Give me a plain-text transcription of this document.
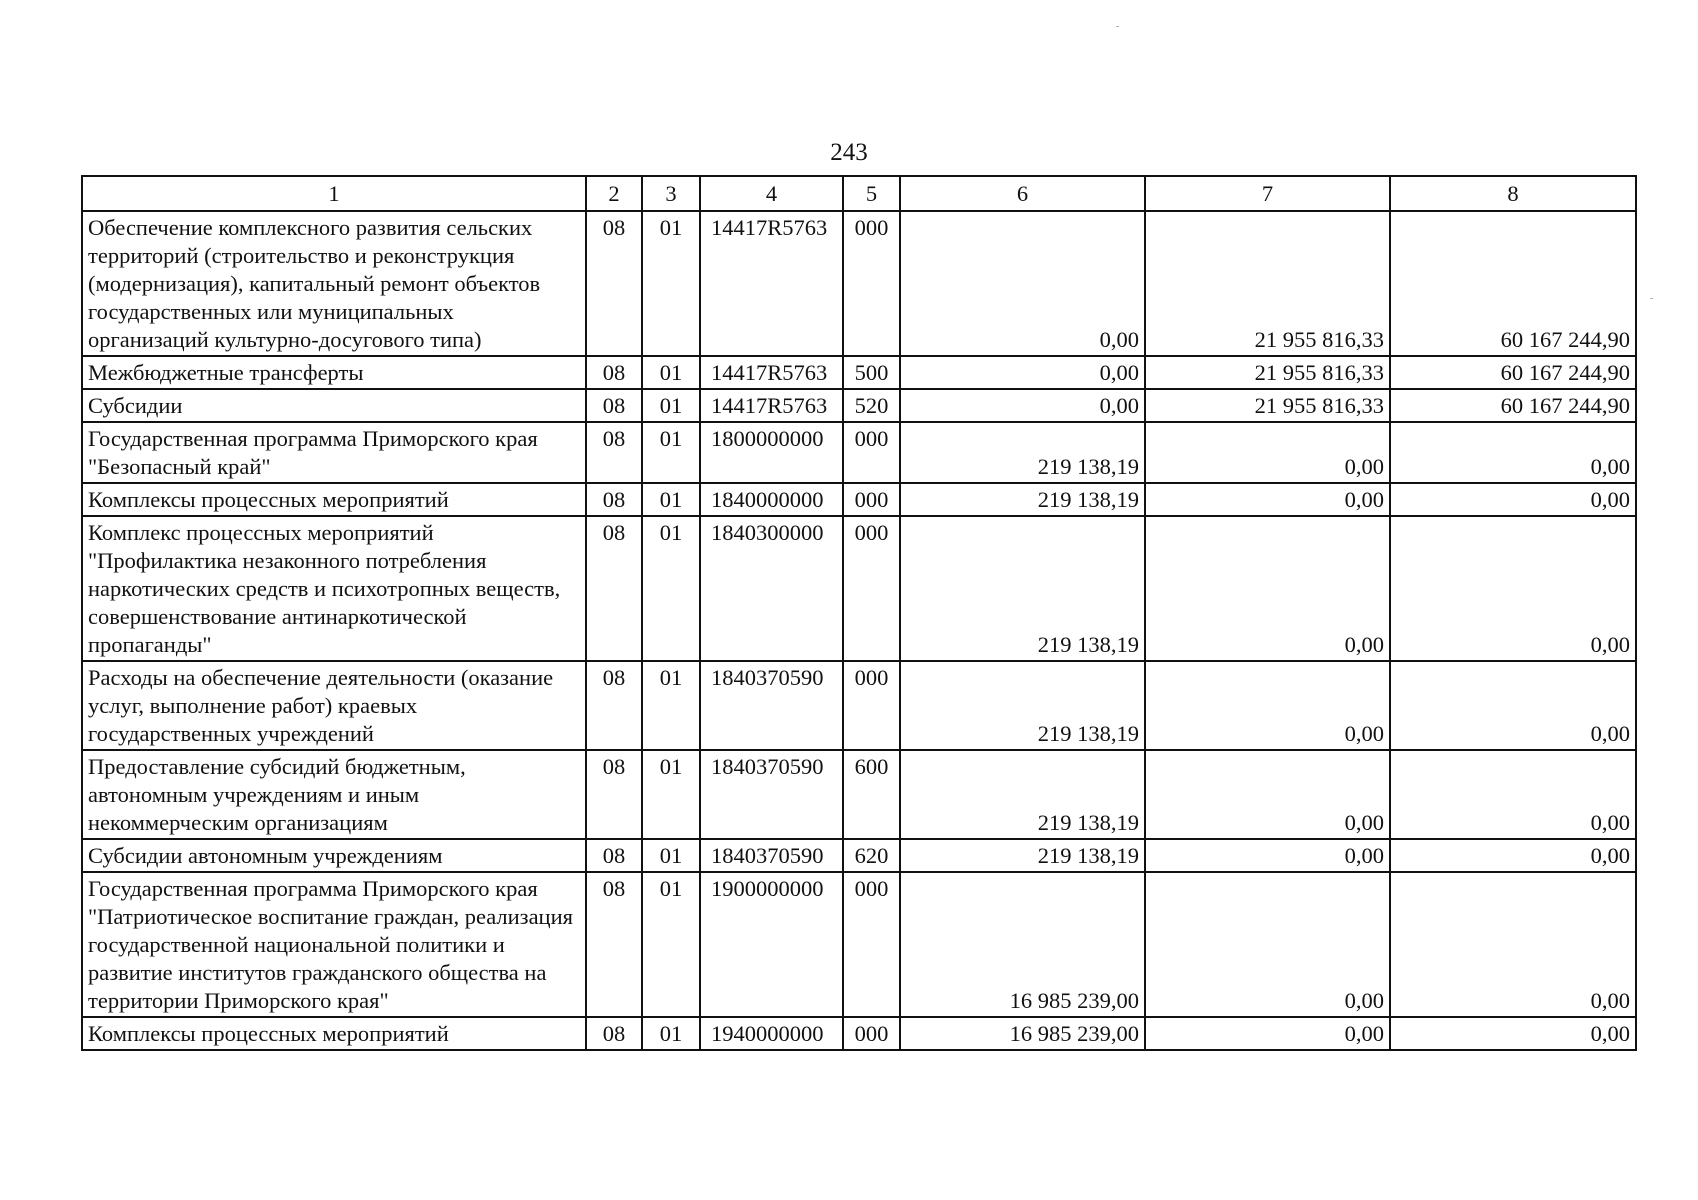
243
1	2	3	4	5	6	7	8
Обеспечение комплексного развития сельских территорий (строительство и реконструкция (модернизация), капитальный ремонт объектов государственных или муниципальных организаций культурно-досугового типа)	08	01	14417R5763	000	0,00	21 955 816,33	60 167 244,90
Межбюджетные трансферты	08	01	14417R5763	500	0,00	21 955 816,33	60 167 244,90
Субсидии	08	01	14417R5763	520	0,00	21 955 816,33	60 167 244,90
Государственная программа Приморского края "Безопасный край"	08	01	1800000000	000	219 138,19	0,00	0,00
Комплексы процессных мероприятий	08	01	1840000000	000	219 138,19	0,00	0,00
Комплекс процессных мероприятий "Профилактика незаконного потребления наркотических средств и психотропных веществ, совершенствование антинаркотической пропаганды"	08	01	1840300000	000	219 138,19	0,00	0,00
Расходы на обеспечение деятельности (оказание услуг, выполнение работ) краевых государственных учреждений	08	01	1840370590	000	219 138,19	0,00	0,00
Предоставление субсидий бюджетным, автономным учреждениям и иным некоммерческим организациям	08	01	1840370590	600	219 138,19	0,00	0,00
Субсидии автономным учреждениям	08	01	1840370590	620	219 138,19	0,00	0,00
Государственная программа Приморского края "Патриотическое воспитание граждан, реализация государственной национальной политики и развитие институтов гражданского общества на территории Приморского края"	08	01	1900000000	000	16 985 239,00	0,00	0,00
Комплексы процессных мероприятий	08	01	1940000000	000	16 985 239,00	0,00	0,00
